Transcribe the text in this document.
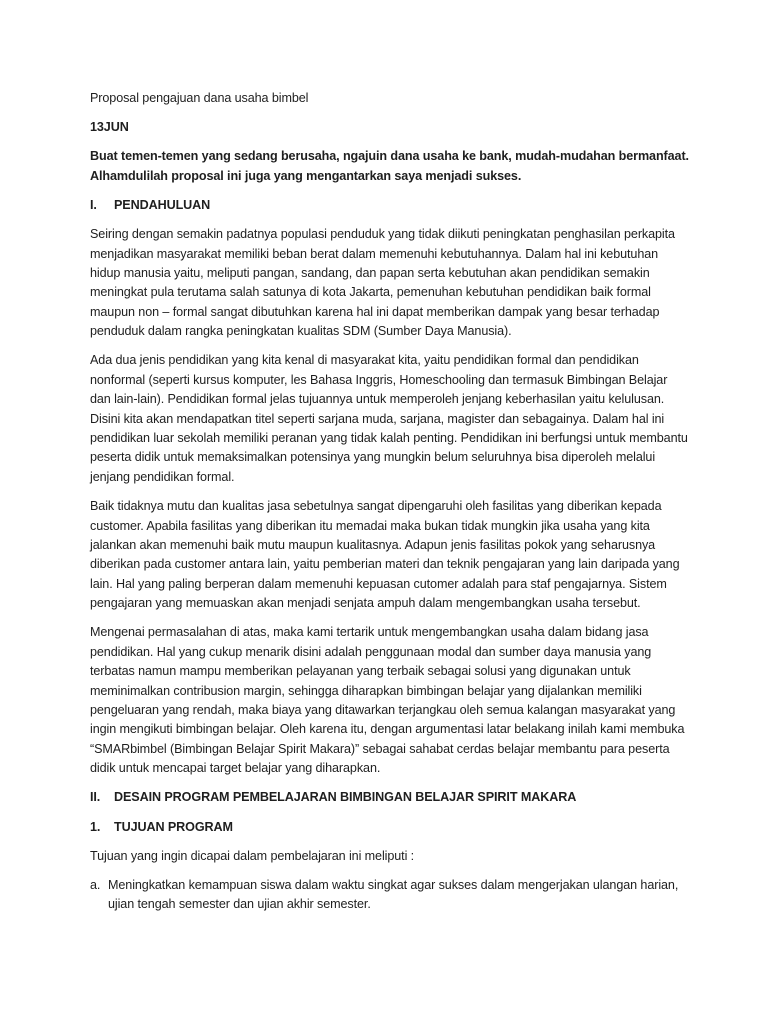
Proposal pengajuan dana usaha bimbel

13JUN

Buat temen-temen yang sedang berusaha, ngajuin dana usaha ke bank, mudah-mudahan bermanfaat. Alhamdulilah proposal ini juga yang mengantarkan saya menjadi sukses.

I.	PENDAHULUAN

Seiring dengan semakin padatnya populasi penduduk yang tidak diikuti peningkatan penghasilan perkapita menjadikan masyarakat memiliki beban berat dalam memenuhi kebutuhannya. Dalam hal ini kebutuhan hidup manusia yaitu, meliputi pangan, sandang, dan papan serta kebutuhan akan pendidikan semakin meningkat pula terutama salah satunya di kota Jakarta, pemenuhan kebutuhan pendidikan baik formal maupun non – formal sangat dibutuhkan karena hal ini dapat memberikan dampak yang besar terhadap penduduk dalam rangka peningkatan kualitas SDM (Sumber Daya Manusia).

Ada dua jenis pendidikan yang kita kenal di masyarakat kita, yaitu pendidikan formal dan pendidikan nonformal (seperti kursus komputer, les Bahasa Inggris, Homeschooling dan termasuk Bimbingan Belajar dan lain-lain). Pendidikan formal jelas tujuannya untuk memperoleh jenjang keberhasilan yaitu kelulusan. Disini kita akan mendapatkan titel seperti sarjana muda, sarjana, magister dan sebagainya. Dalam hal ini pendidikan luar sekolah memiliki peranan yang tidak kalah penting. Pendidikan ini berfungsi untuk membantu peserta didik untuk memaksimalkan potensinya yang mungkin belum seluruhnya bisa diperoleh melalui jenjang pendidikan formal.

Baik tidaknya mutu dan kualitas jasa sebetulnya sangat dipengaruhi oleh fasilitas yang diberikan kepada customer. Apabila fasilitas yang diberikan itu memadai maka bukan tidak mungkin jika usaha yang kita jalankan akan memenuhi baik mutu maupun kualitasnya. Adapun jenis fasilitas pokok yang seharusnya diberikan pada customer antara lain, yaitu pemberian materi dan teknik pengajaran yang lain daripada yang lain. Hal yang paling berperan dalam memenuhi kepuasan cutomer adalah para staf pengajarnya. Sistem pengajaran yang memuaskan akan menjadi senjata ampuh dalam mengembangkan usaha tersebut.

Mengenai permasalahan di atas, maka kami tertarik untuk mengembangkan usaha dalam bidang jasa pendidikan. Hal yang cukup menarik disini adalah penggunaan modal dan sumber daya manusia yang terbatas namun mampu memberikan pelayanan yang terbaik sebagai solusi yang digunakan untuk meminimalkan contribusion margin, sehingga diharapkan bimbingan belajar yang dijalankan memiliki pengeluaran yang rendah, maka biaya yang ditawarkan terjangkau oleh semua kalangan masyarakat yang ingin mengikuti bimbingan belajar. Oleh karena itu, dengan argumentasi latar belakang inilah kami membuka “SMARbimbel (Bimbingan Belajar Spirit Makara)” sebagai sahabat cerdas belajar membantu para peserta didik untuk mencapai target belajar yang diharapkan.

II.	DESAIN PROGRAM PEMBELAJARAN BIMBINGAN BELAJAR SPIRIT MAKARA
1. TUJUAN PROGRAM

Tujuan yang ingin dicapai dalam pembelajaran ini meliputi :

a. Meningkatkan kemampuan siswa dalam waktu singkat agar sukses dalam mengerjakan ulangan harian, ujian tengah semester dan ujian akhir semester.
